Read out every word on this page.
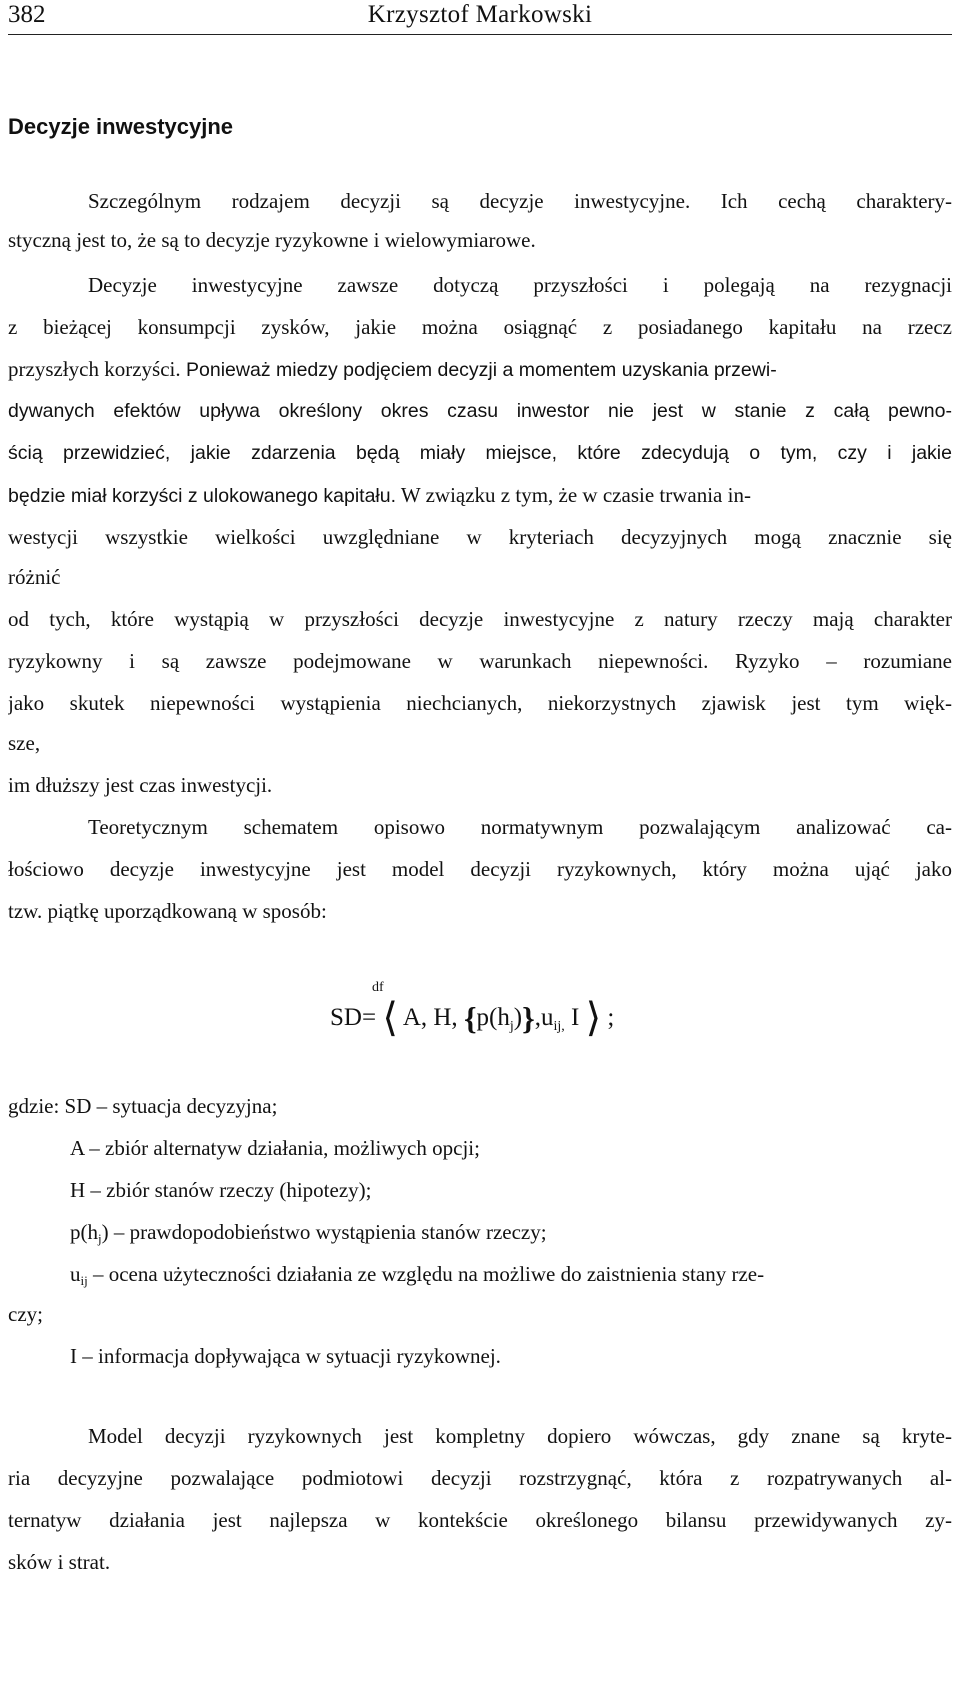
382	Krzysztof Markowski
Decyzje inwestycyjne
Szczególnym rodzajem decyzji są decyzje inwestycyjne. Ich cechą charaktery-
styczną jest to, że są to decyzje ryzykowne i wielowymiarowe.
Decyzje inwestycyjne zawsze dotyczą przyszłości i polegają na rezygnacji
z bieżącej konsumpcji zysków, jakie można osiągnąć z posiadanego kapitału na rzecz
przyszłych korzyści. Ponieważ miedzy podjęciem decyzji a momentem uzyskania przewi-
dywanych efektów upływa określony okres czasu inwestor nie jest w stanie z całą pewno-
ścią przewidzieć, jakie zdarzenia będą miały miejsce, które zdecydują o tym, czy i jakie
będzie miał korzyści z ulokowanego kapitału. W związku z tym, że w czasie trwania in-
westycji wszystkie wielkości uwzględniane w kryteriach decyzyjnych mogą znacznie się
różnić
od tych, które wystąpią w przyszłości decyzje inwestycyjne z natury rzeczy mają charakter
ryzykowny i są zawsze podejmowane w warunkach niepewności. Ryzyko – rozumiane
jako skutek niepewności wystąpienia niechcianych, niekorzystnych zjawisk jest tym więk-
sze,
im dłuższy jest czas inwestycji.
Teoretycznym schematem opisowo normatywnym pozwalającym analizować ca-
łościowo decyzje inwestycyjne jest model decyzji ryzykownych, który można ująć jako
tzw. piątkę uporządkowaną w sposób:
df
SD= ⟨ A, H, $\{p(h_j)\},u_{ij,}$ I ⟩ ;
gdzie: SD – sytuacja decyzyjna;
A – zbiór alternatyw działania, możliwych opcji;
H – zbiór stanów rzeczy (hipotezy);
$p(h_j)$ – prawdopodobieństwo wystąpienia stanów rzeczy;
$u_{ij}$ – ocena użyteczności działania ze względu na możliwe do zaistnienia stany rze-
czy;
I – informacja dopływająca w sytuacji ryzykownej.
Model decyzji ryzykownych jest kompletny dopiero wówczas, gdy znane są kryte-
ria decyzyjne pozwalające podmiotowi decyzji rozstrzygnąć, która z rozpatrywanych al-
ternatyw działania jest najlepsza w kontekście określonego bilansu przewidywanych zy-
sków i strat.
